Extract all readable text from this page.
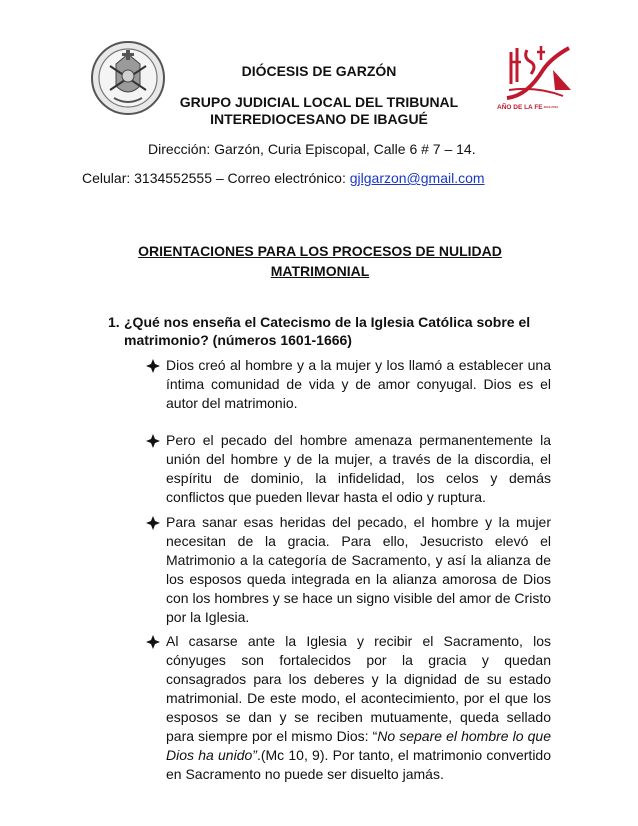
AÑO DE LA FE2012-2013
DIÓCESIS DE GARZÓN
GRUPO JUDICIAL LOCAL DEL TRIBUNAL
INTEREDIOCESANO DE IBAGUÉ
Dirección: Garzón, Curia Episcopal, Calle 6 # 7 – 14.
Celular: 3134552555 – Correo electrónico: gjlgarzon@gmail.com
ORIENTACIONES PARA LOS PROCESOS DE NULIDAD
MATRIMONIAL
1. ¿Qué nos enseña el Catecismo de la Iglesia Católica sobre el matrimonio? (números 1601-1666)
Dios creó al hombre y a la mujer y los llamó a establecer una íntima comunidad de vida y de amor conyugal. Dios es el autor del matrimonio.
Pero el pecado del hombre amenaza permanentemente la unión del hombre y de la mujer, a través de la discordia, el espíritu de dominio, la infidelidad, los celos y demás conflictos que pueden llevar hasta el odio y ruptura.
Para sanar esas heridas del pecado, el hombre y la mujer necesitan de la gracia. Para ello, Jesucristo elevó el Matrimonio a la categoría de Sacramento, y así la alianza de los esposos queda integrada en la alianza amorosa de Dios con los hombres y se hace un signo visible del amor de Cristo por la Iglesia.
Al casarse ante la Iglesia y recibir el Sacramento, los cónyuges son fortalecidos por la gracia y quedan consagrados para los deberes y la dignidad de su estado matrimonial. De este modo, el acontecimiento, por el que los esposos se dan y se reciben mutuamente, queda sellado para siempre por el mismo Dios: “No separe el hombre lo que Dios ha unido”.(Mc 10, 9). Por tanto, el matrimonio convertido en Sacramento no puede ser disuelto jamás.
